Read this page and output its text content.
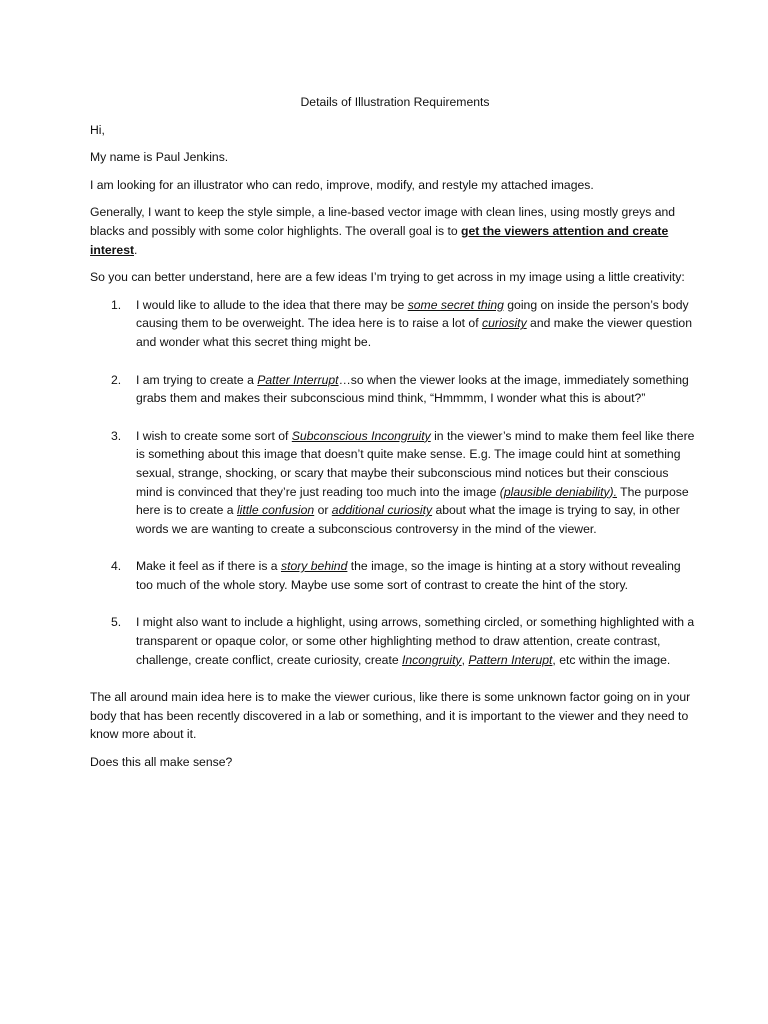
Details of Illustration Requirements

Hi,

My name is Paul Jenkins.

I am looking for an illustrator who can redo, improve, modify, and restyle my attached images.

Generally, I want to keep the style simple, a line-based vector image with clean lines, using mostly greys and blacks and possibly with some color highlights. The overall goal is to get the viewers attention and create interest.

So you can better understand, here are a few ideas I’m trying to get across in my image using a little creativity:

1.	I would like to allude to the idea that there may be some secret thing going on inside the person’s body causing them to be overweight. The idea here is to raise a lot of curiosity and make the viewer question and wonder what this secret thing might be.
2.	I am trying to create a Patter Interrupt…so when the viewer looks at the image, immediately something grabs them and makes their subconscious mind think, “Hmmmm, I wonder what this is about?”
3.	I wish to create some sort of Subconscious Incongruity in the viewer’s mind to make them feel like there is something about this image that doesn’t quite make sense. E.g. The image could hint at something sexual, strange, shocking, or scary that maybe their subconscious mind notices but their conscious mind is convinced that they’re just reading too much into the image (plausible deniability). The purpose here is to create a little confusion or additional curiosity about what the image is trying to say, in other words we are wanting to create a subconscious controversy in the mind of the viewer.
4.	Make it feel as if there is a story behind the image, so the image is hinting at a story without revealing too much of the whole story. Maybe use some sort of contrast to create the hint of the story.
5.	I might also want to include a highlight, using arrows, something circled, or something highlighted with a transparent or opaque color, or some other highlighting method to draw attention, create contrast, challenge, create conflict, create curiosity, create Incongruity, Pattern Interupt, etc within the image.

The all around main idea here is to make the viewer curious, like there is some unknown factor going on in your body that has been recently discovered in a lab or something, and it is important to the viewer and they need to know more about it.

Does this all make sense?
